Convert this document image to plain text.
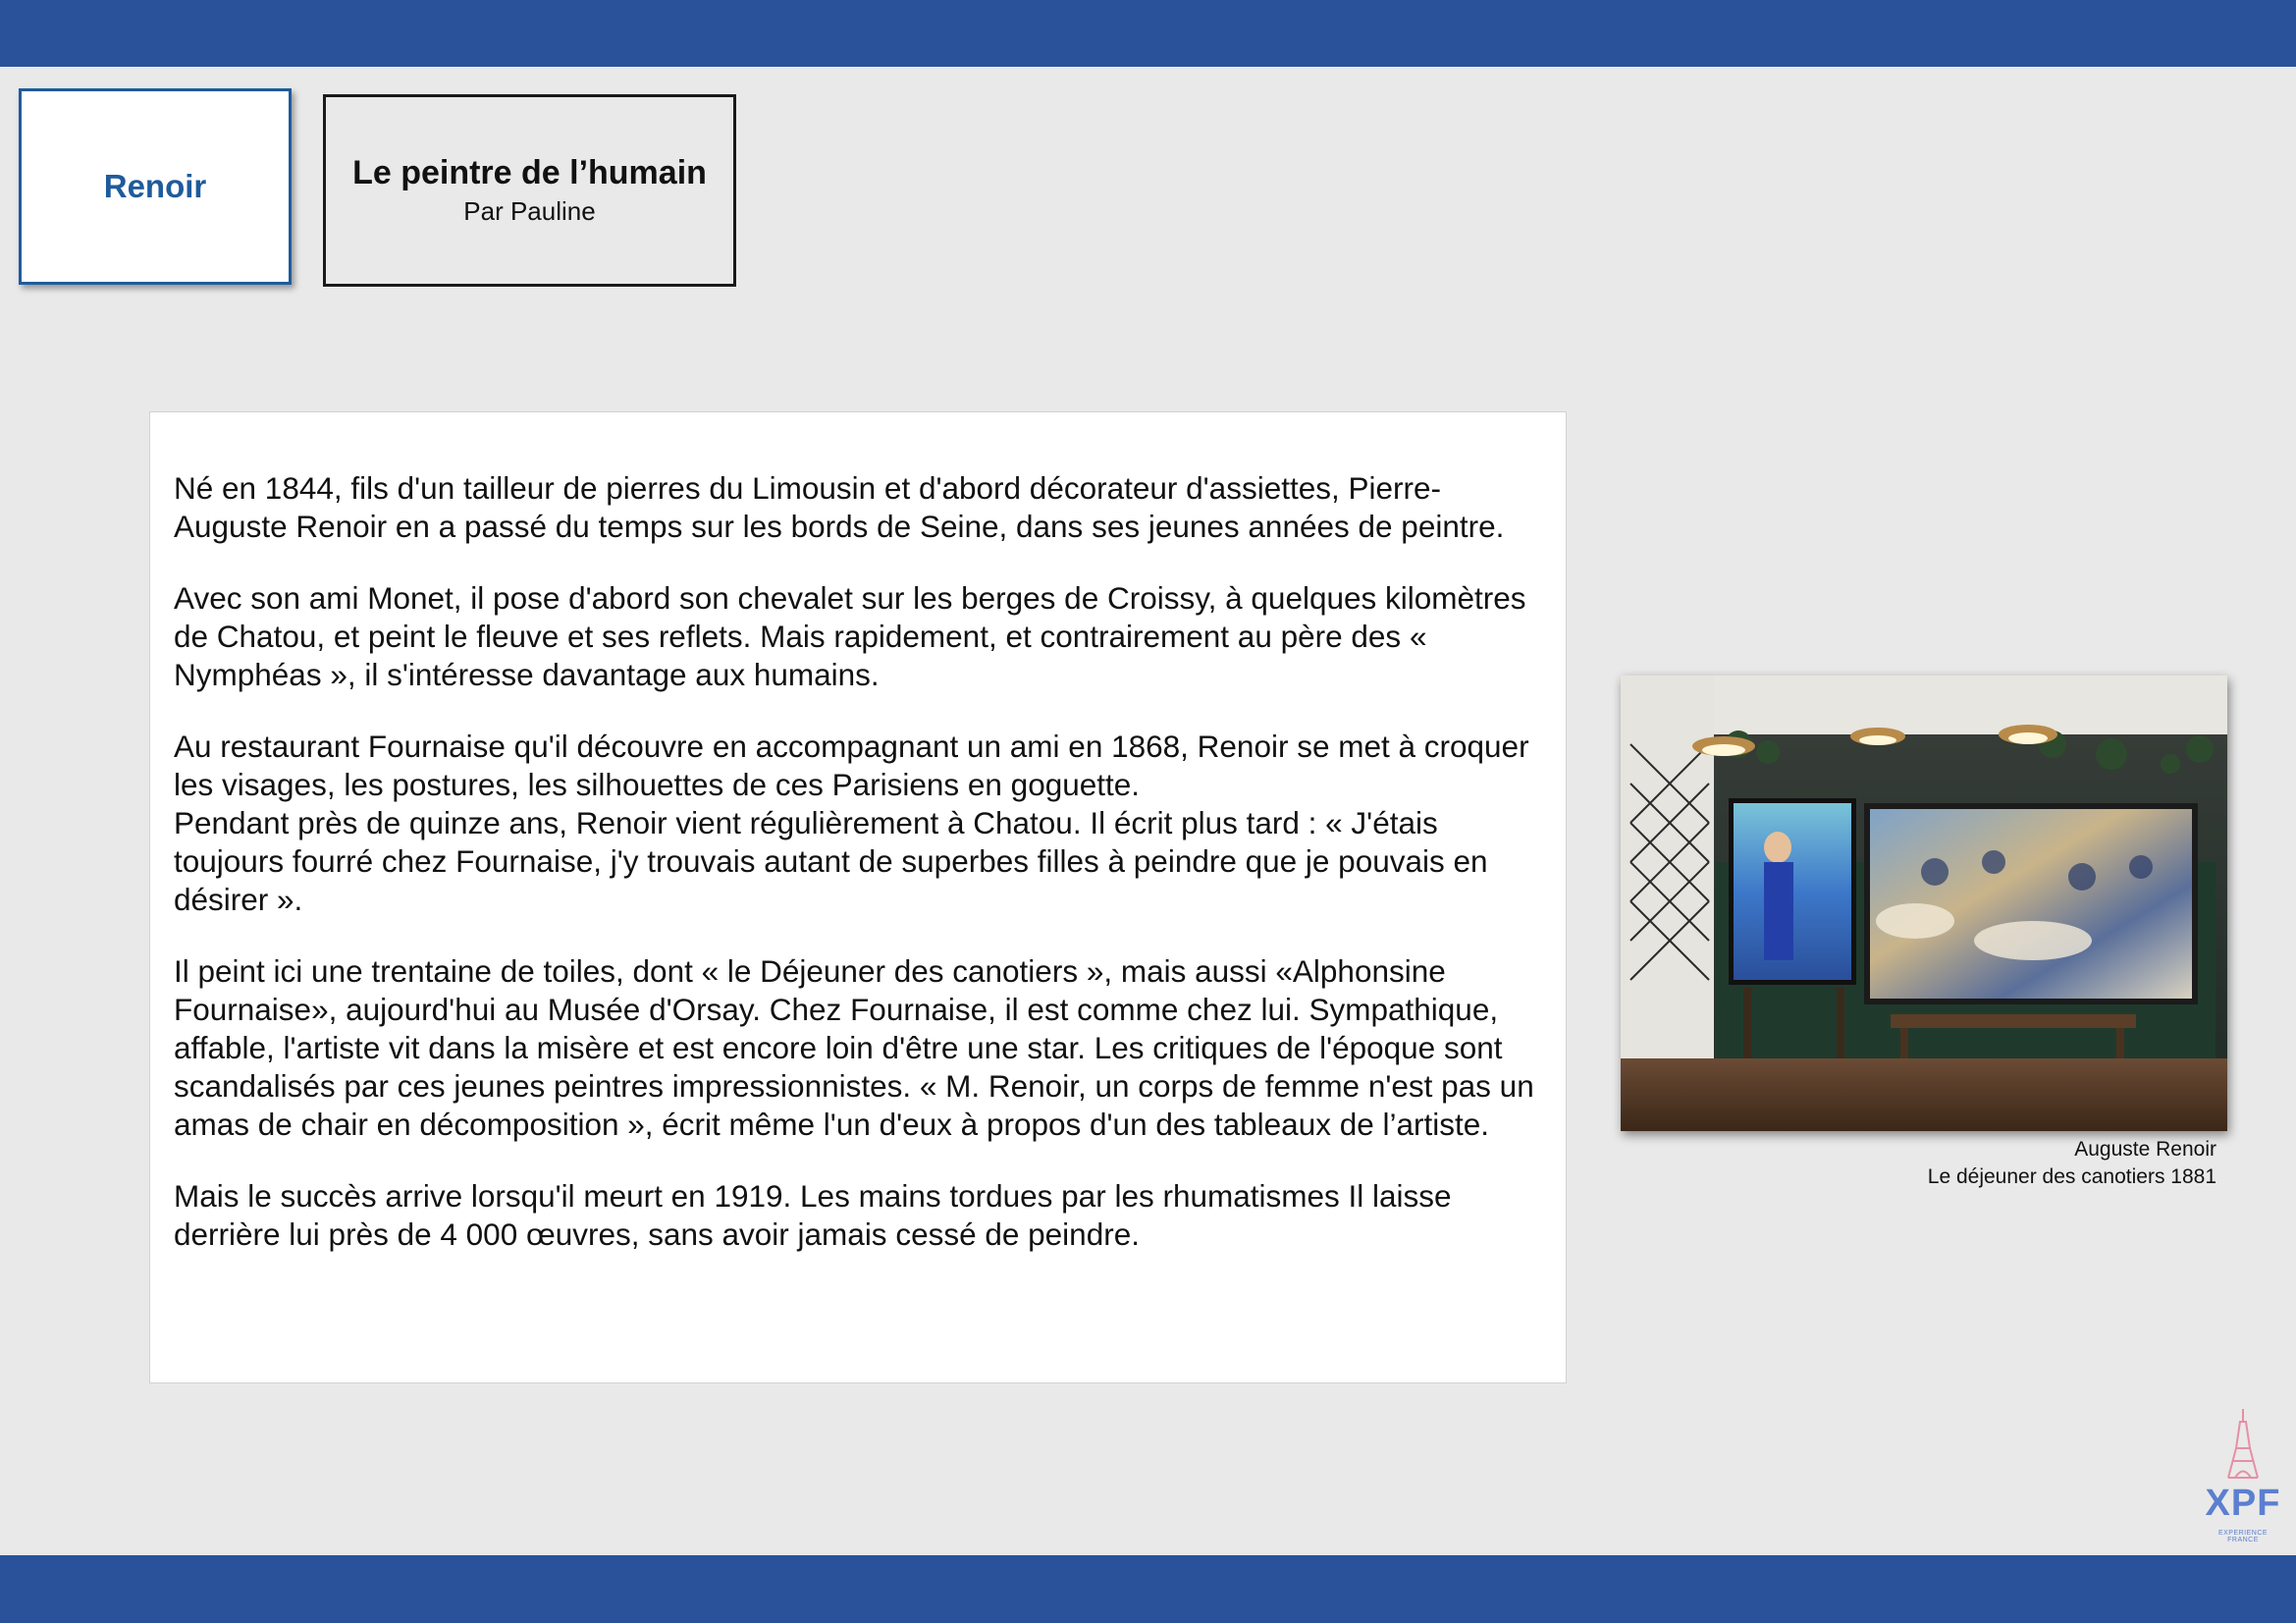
Renoir	Le peintre de l’humain
Par Pauline

Né en 1844, fils d'un tailleur de pierres du Limousin et d'abord décorateur d'assiettes, Pierre-Auguste Renoir en a passé du temps sur les bords de Seine, dans ses jeunes années de peintre.

Avec son ami Monet, il pose d'abord son chevalet sur les berges de Croissy, à quelques kilomètres de Chatou, et peint le fleuve et ses reflets. Mais rapidement, et contrairement au père des « Nymphéas », il s'intéresse davantage aux humains.

Au restaurant Fournaise qu'il découvre en accompagnant un ami en 1868, Renoir se met à croquer les visages, les postures, les silhouettes de ces Parisiens en goguette.

Pendant près de quinze ans, Renoir vient régulièrement à Chatou. Il écrit plus tard : « J'étais toujours fourré chez Fournaise, j'y trouvais autant de superbes filles à peindre que je pouvais en désirer ».

Il peint ici une trentaine de toiles, dont « le Déjeuner des canotiers », mais aussi «Alphonsine Fournaise», aujourd'hui au Musée d'Orsay. Chez Fournaise, il est comme chez lui. Sympathique, affable, l'artiste vit dans la misère et est encore loin d'être une star. Les critiques de l'époque sont scandalisés par ces jeunes peintres impressionnistes. « M. Renoir, un corps de femme n'est pas un amas de chair en décomposition », écrit même l'un d'eux à propos d'un des tableaux de l’artiste.

Mais le succès arrive lorsqu'il meurt en 1919. Les mains tordues par les rhumatismes Il laisse derrière lui près de 4 000 œuvres, sans avoir jamais cessé de peindre.

Auguste Renoir
Le déjeuner des canotiers 1881
XPF
EXPERIENCE FRANCE
